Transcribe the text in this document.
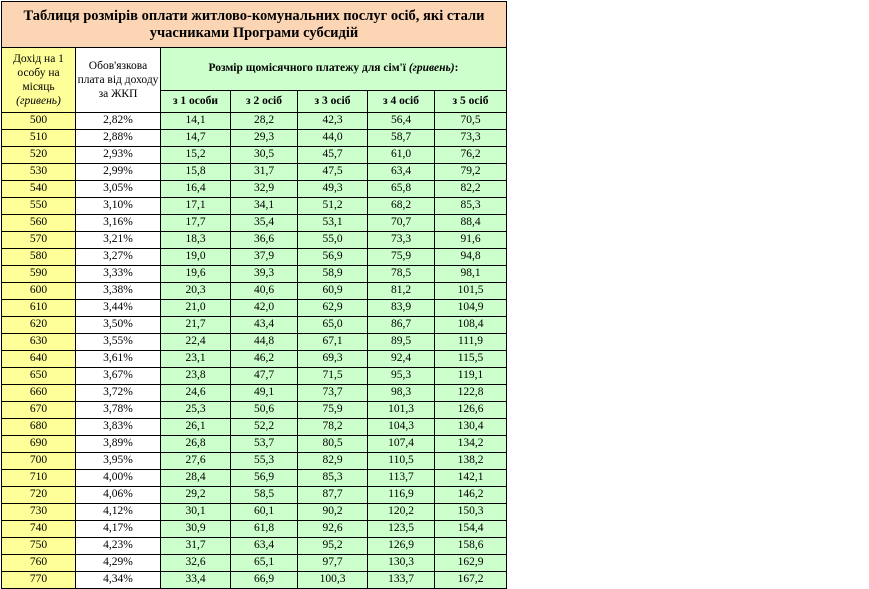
Таблиця розмірів оплати житлово-комунальних послуг осіб, які стали учасниками Програми субсидій						
Дохід на 1 особу на місяць
(гривень)	Обов'язкова плата від доходу за ЖКП	Розмір щомісячного платежу для сім'ї (гривень):				
		з 1 особи	з 2 осіб	з 3 осіб	з 4 осіб	з 5 осіб
500	2,82%	14,1	28,2	42,3	56,4	70,5
510	2,88%	14,7	29,3	44,0	58,7	73,3
520	2,93%	15,2	30,5	45,7	61,0	76,2
530	2,99%	15,8	31,7	47,5	63,4	79,2
540	3,05%	16,4	32,9	49,3	65,8	82,2
550	3,10%	17,1	34,1	51,2	68,2	85,3
560	3,16%	17,7	35,4	53,1	70,7	88,4
570	3,21%	18,3	36,6	55,0	73,3	91,6
580	3,27%	19,0	37,9	56,9	75,9	94,8
590	3,33%	19,6	39,3	58,9	78,5	98,1
600	3,38%	20,3	40,6	60,9	81,2	101,5
610	3,44%	21,0	42,0	62,9	83,9	104,9
620	3,50%	21,7	43,4	65,0	86,7	108,4
630	3,55%	22,4	44,8	67,1	89,5	111,9
640	3,61%	23,1	46,2	69,3	92,4	115,5
650	3,67%	23,8	47,7	71,5	95,3	119,1
660	3,72%	24,6	49,1	73,7	98,3	122,8
670	3,78%	25,3	50,6	75,9	101,3	126,6
680	3,83%	26,1	52,2	78,2	104,3	130,4
690	3,89%	26,8	53,7	80,5	107,4	134,2
700	3,95%	27,6	55,3	82,9	110,5	138,2
710	4,00%	28,4	56,9	85,3	113,7	142,1
720	4,06%	29,2	58,5	87,7	116,9	146,2
730	4,12%	30,1	60,1	90,2	120,2	150,3
740	4,17%	30,9	61,8	92,6	123,5	154,4
750	4,23%	31,7	63,4	95,2	126,9	158,6
760	4,29%	32,6	65,1	97,7	130,3	162,9
770	4,34%	33,4	66,9	100,3	133,7	167,2
